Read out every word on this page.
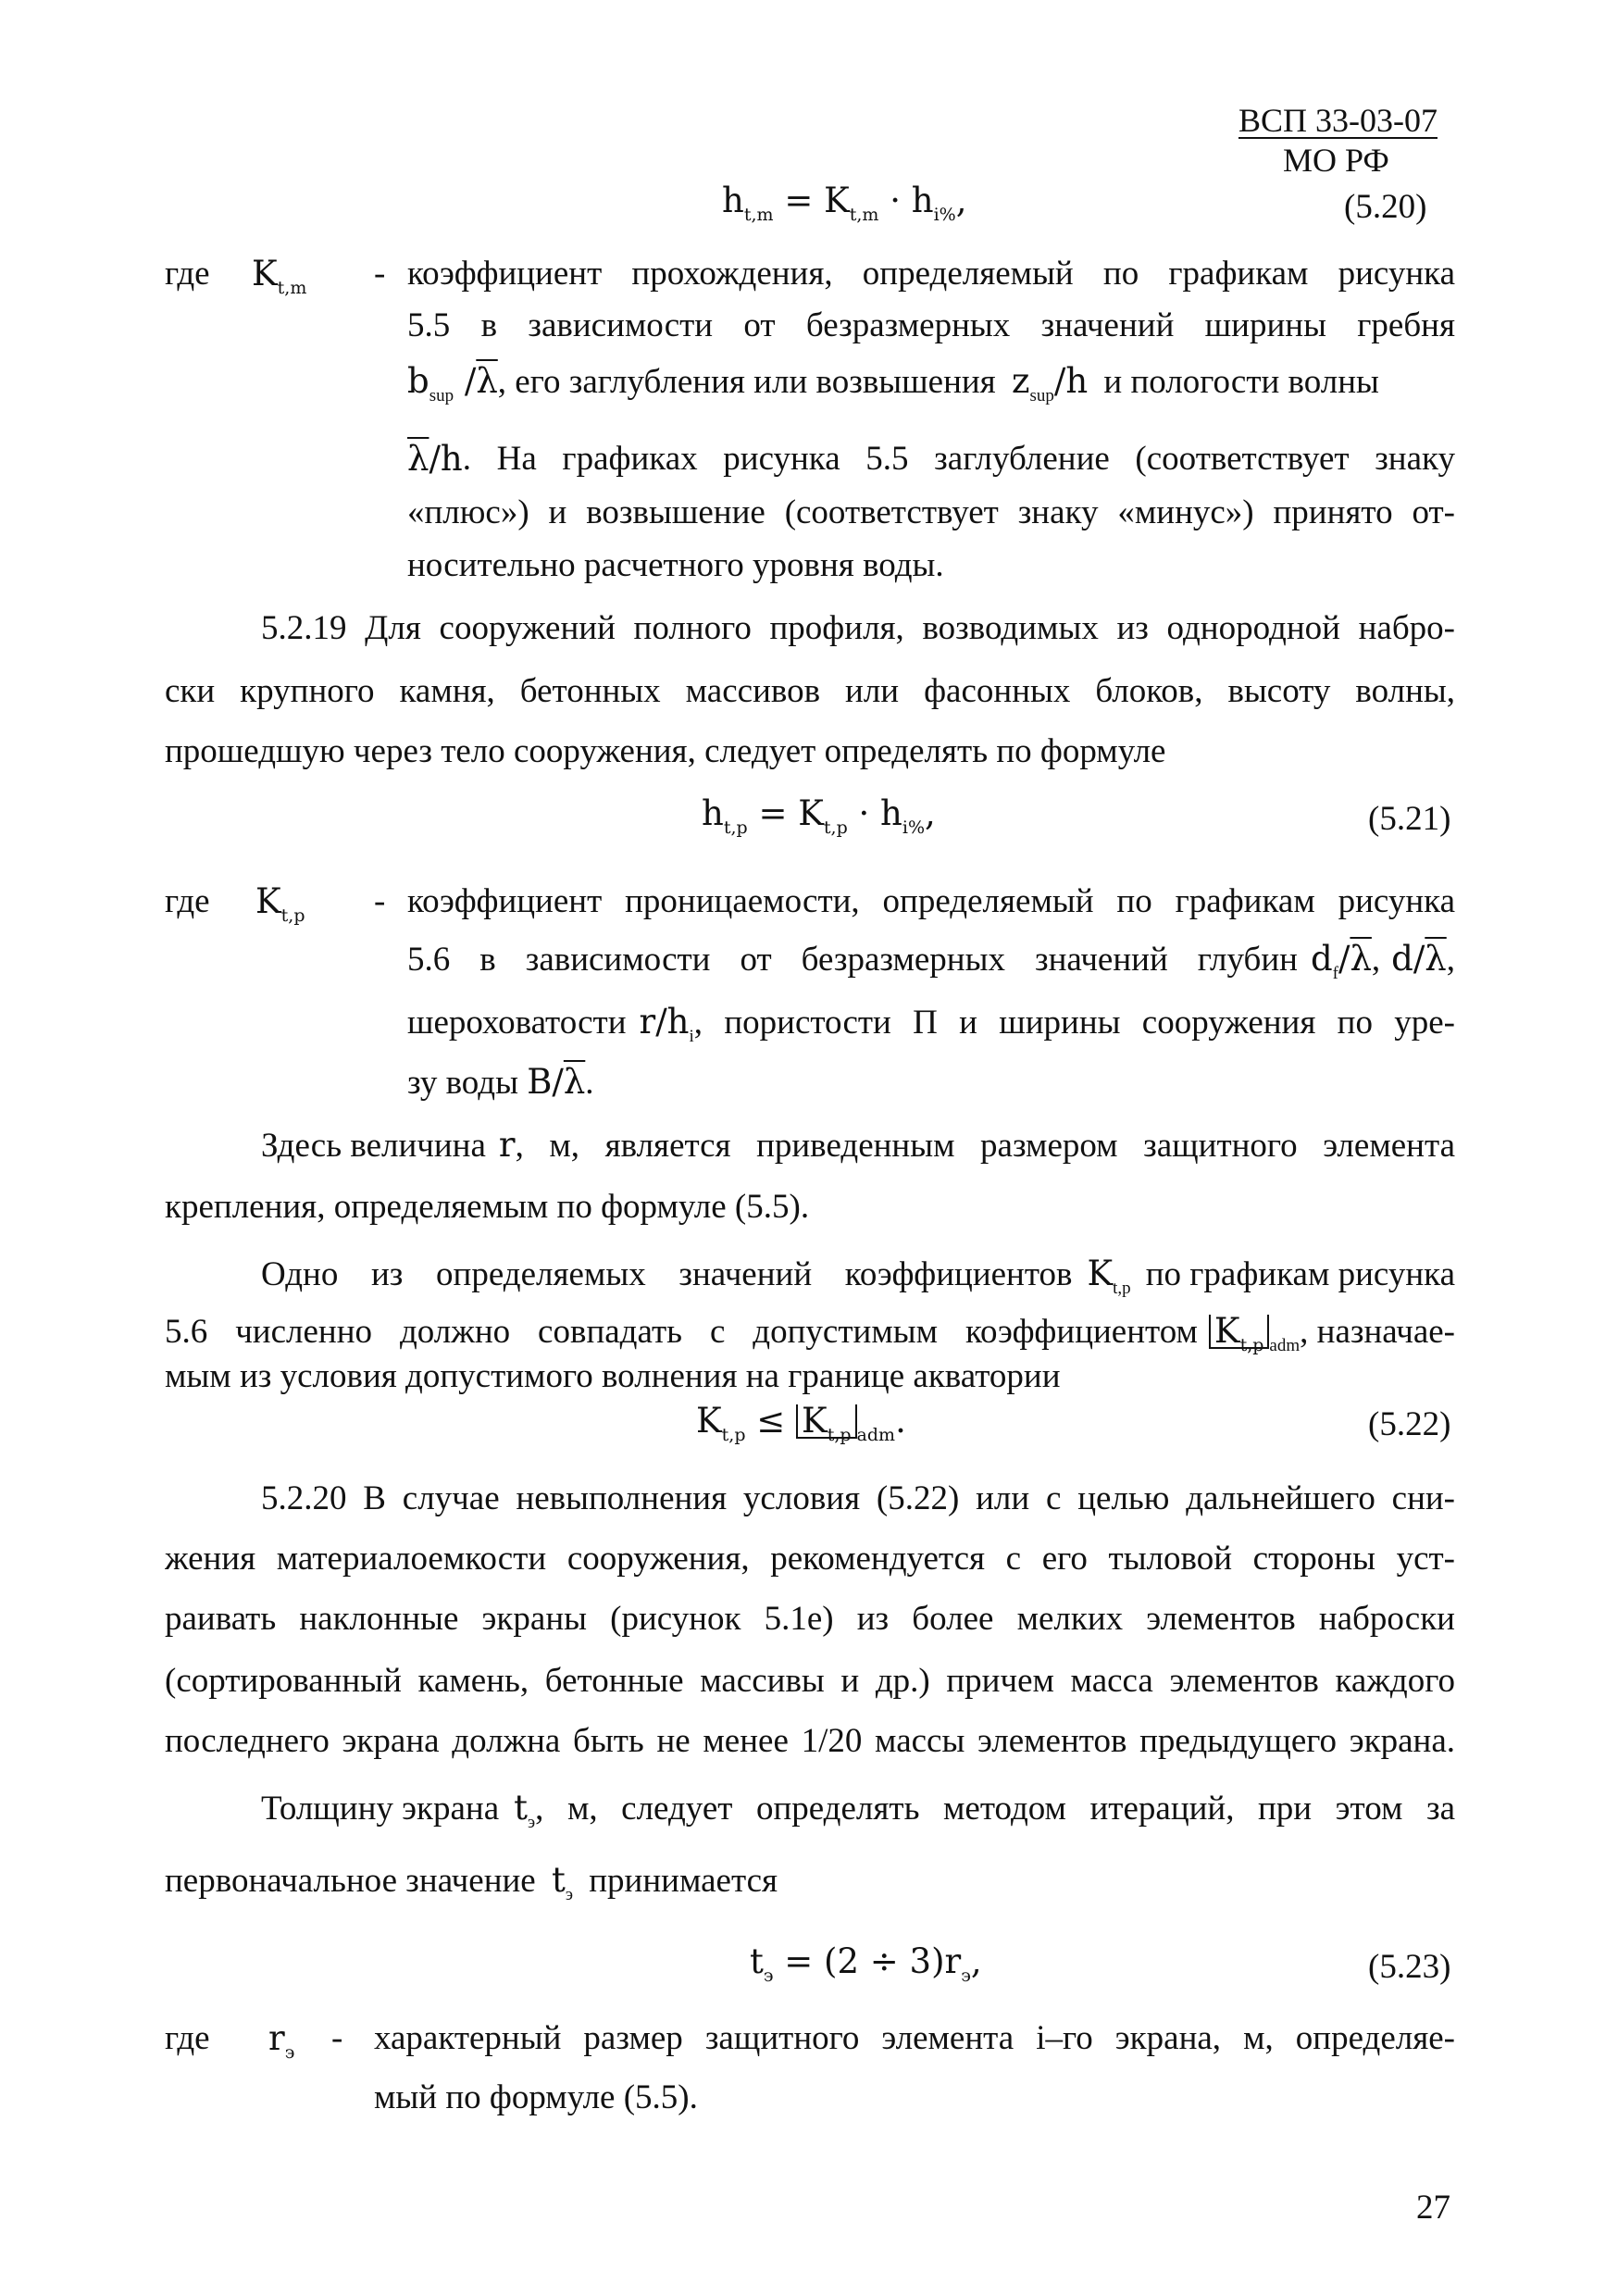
ВСП 33-03-07
МО РФ
$h_{t,m} = K_{t,m} \cdot h_{i\%}$,	(5.20)
где $K_{t,m}$ - коэффициент прохождения, определяемый по графикам рисунка
5.5 в зависимости от безразмерных значений ширины гребня
$b_{sup}$ $/\overline{\lambda}$, его заглубления или возвышения $z_{sup}/h$ и пологости волны
$\overline{\lambda}$ /h . На графиках рисунка 5.5 заглубление (соответствует знаку
«плюс») и возвышение (соответствует знаку «минус») принято от-
носительно расчетного уровня воды.
5.2.19 Для сооружений полного профиля, возводимых из однородной набро-
ски крупного камня, бетонных массивов или фасонных блоков, высоту волны,
прошедшую через тело сооружения, следует определять по формуле
$h_{t,p} = K_{t,p} \cdot h_{i\%}$,	(5.21)
где $K_{t,p}$ - коэффициент проницаемости, определяемый по графикам рисунка
5.6 в зависимости от безразмерных значений глубин d f $/\overline{\lambda}$ , d/ $\overline{\lambda}$ ,
шероховатости r/h i , пористости П и ширины сооружения по уре-
зу воды $B/\overline{\lambda}$.
Здесь величина r , м, является приведенным размером защитного элемента
крепления, определяемым по формуле (5.5).
Одно из определяемых значений коэффициентов K t,p по графикам рисунка
5.6 численно должно совпадать с допустимым коэффициентом $K_{t,p}$ adm , назначае-
мым из условия допустимого волнения на границе акватории
$K_{t,p} \le K_{t,p}$ $_{adm}$.	(5.22)
5.2.20 В случае невыполнения условия (5.22) или с целью дальнейшего сни-
жения материалоемкости сооружения, рекомендуется с его тыловой стороны уст-
раивать наклонные экраны (рисунок 5.1е) из более мелких элементов наброски
(сортированный камень, бетонные массивы и др.) причем масса элементов каждого
последнего экрана должна быть не менее 1/20 массы элементов предыдущего экрана.
Толщину экрана t э , м, следует определять методом итераций, при этом за
первоначальное значение $t_э$ принимается
$t_э = (2 \div 3)r_э$,	(5.23)
где $r_э$ - характерный размер защитного элемента i–го экрана, м, определяе-
мый по формуле (5.5).
27
